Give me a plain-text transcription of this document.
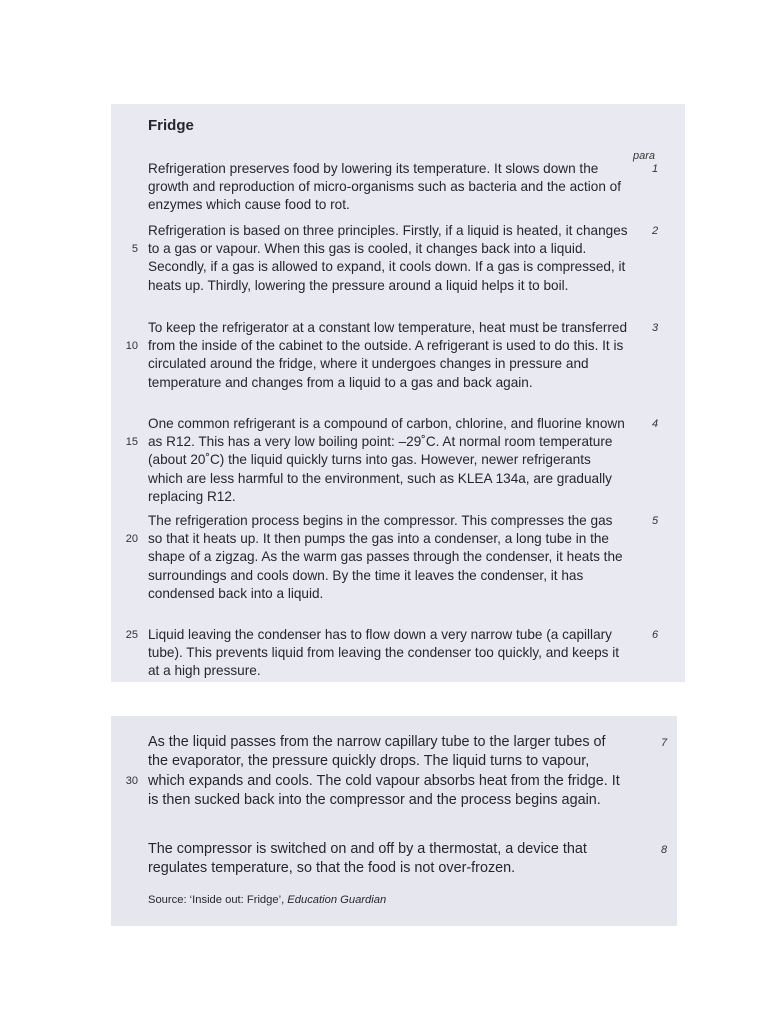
Fridge
para
Refrigeration preserves food by lowering its temperature. It slows down the growth and reproduction of micro-organisms such as bacteria and the action of enzymes which cause food to rot.
1
Refrigeration is based on three principles. Firstly, if a liquid is heated, it changes to a gas or vapour. When this gas is cooled, it changes back into a liquid. Secondly, if a gas is allowed to expand, it cools down. If a gas is compressed, it heats up. Thirdly, lowering the pressure around a liquid helps it to boil.
2
To keep the refrigerator at a constant low temperature, heat must be transferred from the inside of the cabinet to the outside. A refrigerant is used to do this. It is circulated around the fridge, where it undergoes changes in pressure and temperature and changes from a liquid to a gas and back again.
3
One common refrigerant is a compound of carbon, chlorine, and fluorine known as R12. This has a very low boiling point: –29˚C. At normal room temperature (about 20˚C) the liquid quickly turns into gas. However, newer refrigerants which are less harmful to the environment, such as KLEA 134a, are gradually replacing R12.
4
The refrigeration process begins in the compressor. This compresses the gas so that it heats up. It then pumps the gas into a condenser, a long tube in the shape of a zigzag. As the warm gas passes through the condenser, it heats the surroundings and cools down. By the time it leaves the condenser, it has condensed back into a liquid.
5
Liquid leaving the condenser has to flow down a very narrow tube (a capillary tube). This prevents liquid from leaving the condenser too quickly, and keeps it at a high pressure.
6
As the liquid passes from the narrow capillary tube to the larger tubes of the evaporator, the pressure quickly drops. The liquid turns to vapour, which expands and cools. The cold vapour absorbs heat from the fridge. It is then sucked back into the compressor and the process begins again.
7
The compressor is switched on and off by a thermostat, a device that regulates temperature, so that the food is not over-frozen.
8
5
10
15
20
25
30
Source: ‘Inside out: Fridge’, Education Guardian
